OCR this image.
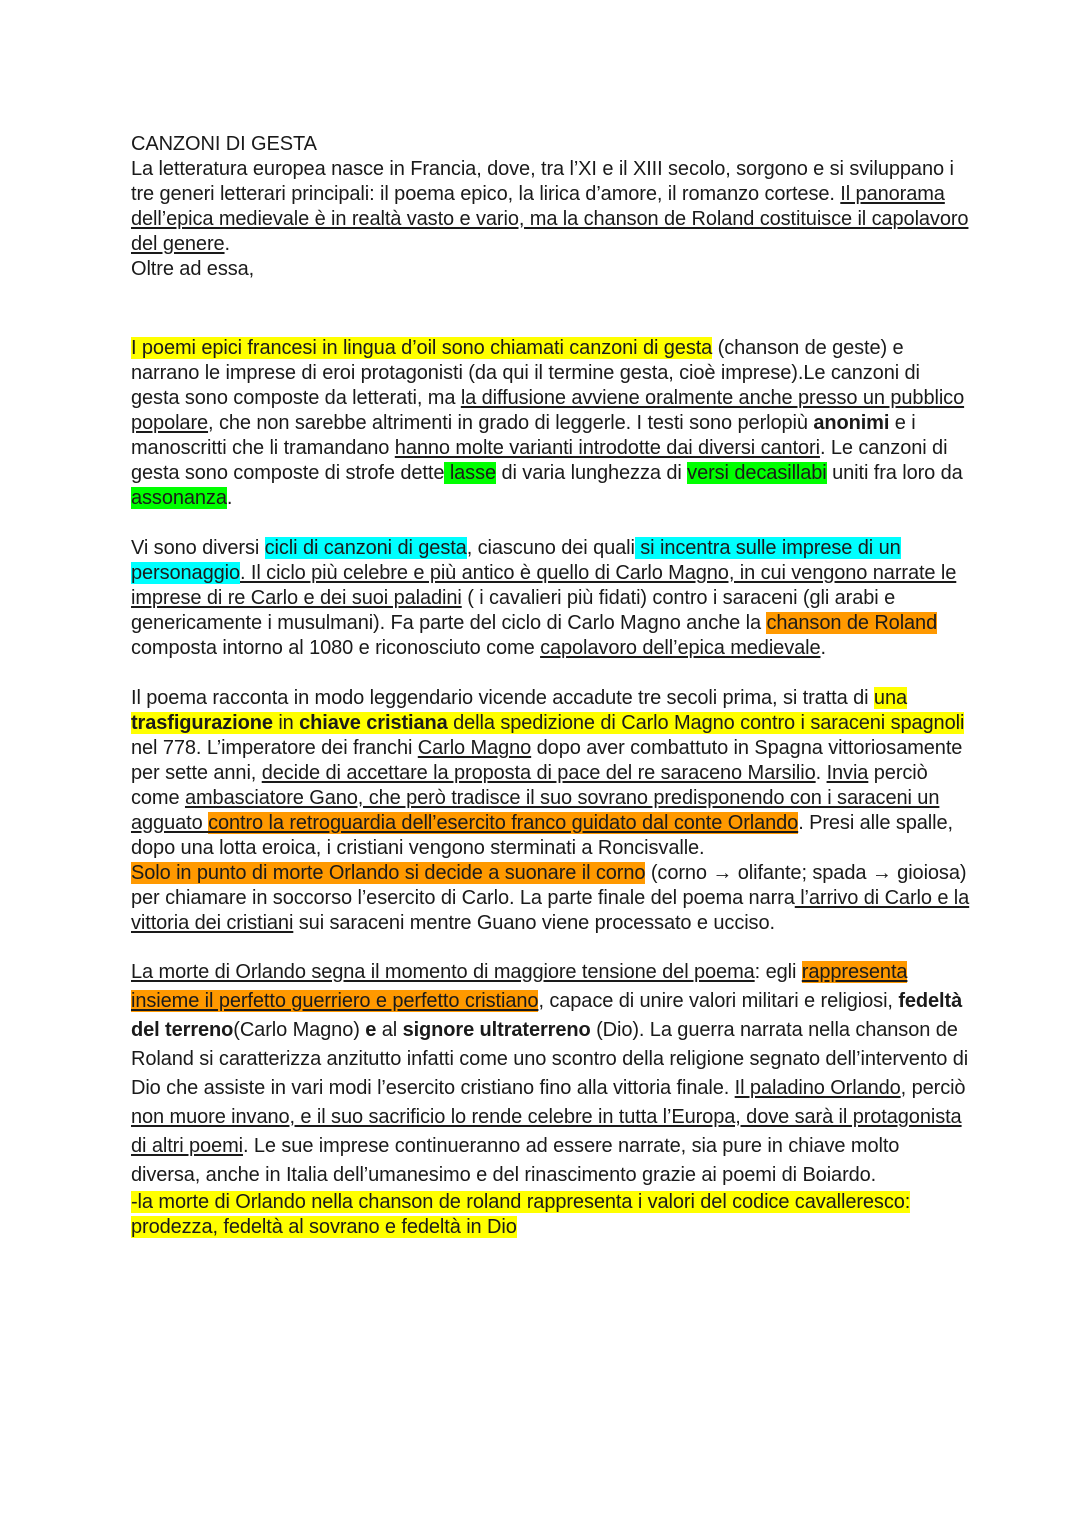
CANZONI DI GESTA

La letteratura europea nasce in Francia, dove, tra l’XI e il XIII secolo, sorgono e si sviluppano i tre generi letterari principali: il poema epico, la lirica d’amore, il romanzo cortese. Il panorama dell’epica medievale è in realtà vasto e vario, ma la chanson de Roland costituisce il capolavoro del genere.

Oltre ad essa,

I poemi epici francesi in lingua d’oil sono chiamati canzoni di gesta (chanson de geste) e narrano le imprese di eroi protagonisti (da qui il termine gesta, cioè imprese).Le canzoni di gesta sono composte da letterati, ma la diffusione avviene oralmente anche presso un pubblico popolare, che non sarebbe altrimenti in grado di leggerle. I testi sono perlopiù anonimi e i manoscritti che li tramandano hanno molte varianti introdotte dai diversi cantori. Le canzoni di gesta sono composte di strofe dette lasse di varia lunghezza di versi decasillabi uniti fra loro da assonanza.

Vi sono diversi cicli di canzoni di gesta, ciascuno dei quali si incentra sulle imprese di un personaggio. Il ciclo più celebre e più antico è quello di Carlo Magno, in cui vengono narrate le imprese di re Carlo e dei suoi paladini ( i cavalieri più fidati) contro i saraceni (gli arabi e genericamente i musulmani). Fa parte del ciclo di Carlo Magno anche la chanson de Roland composta intorno al 1080 e riconosciuto come capolavoro dell’epica medievale.

Il poema racconta in modo leggendario vicende accadute tre secoli prima, si tratta di una trasfigurazione in chiave cristiana della spedizione di Carlo Magno contro i saraceni spagnoli nel 778. L’imperatore dei franchi Carlo Magno dopo aver combattuto in Spagna vittoriosamente per sette anni, decide di accettare la proposta di pace del re saraceno Marsilio. Invia perciò come ambasciatore Gano, che però tradisce il suo sovrano predisponendo con i saraceni un agguato contro la retroguardia dell’esercito franco guidato dal conte Orlando. Presi alle spalle, dopo una lotta eroica, i cristiani vengono sterminati a Roncisvalle.

Solo in punto di morte Orlando si decide a suonare il corno (corno → olifante; spada → gioiosa) per chiamare in soccorso l’esercito di Carlo. La parte finale del poema narra l’arrivo di Carlo e la vittoria dei cristiani sui saraceni mentre Guano viene processato e ucciso.

La morte di Orlando segna il momento di maggiore tensione del poema: egli rappresenta insieme il perfetto guerriero e perfetto cristiano, capace di unire valori militari e religiosi, fedeltà del terreno(Carlo Magno) e al signore ultraterreno (Dio). La guerra narrata nella chanson de Roland si caratterizza anzitutto infatti come uno scontro della religione segnato dell’intervento di Dio che assiste in vari modi l’esercito cristiano fino alla vittoria finale. Il paladino Orlando, perciò non muore invano, e il suo sacrificio lo rende celebre in tutta l’Europa, dove sarà il protagonista di altri poemi. Le sue imprese continueranno ad essere narrate, sia pure in chiave molto diversa, anche in Italia dell’umanesimo e del rinascimento grazie ai poemi di Boiardo.

-la morte di Orlando nella chanson de roland rappresenta i valori del codice cavalleresco: prodezza, fedeltà al sovrano e fedeltà in Dio
